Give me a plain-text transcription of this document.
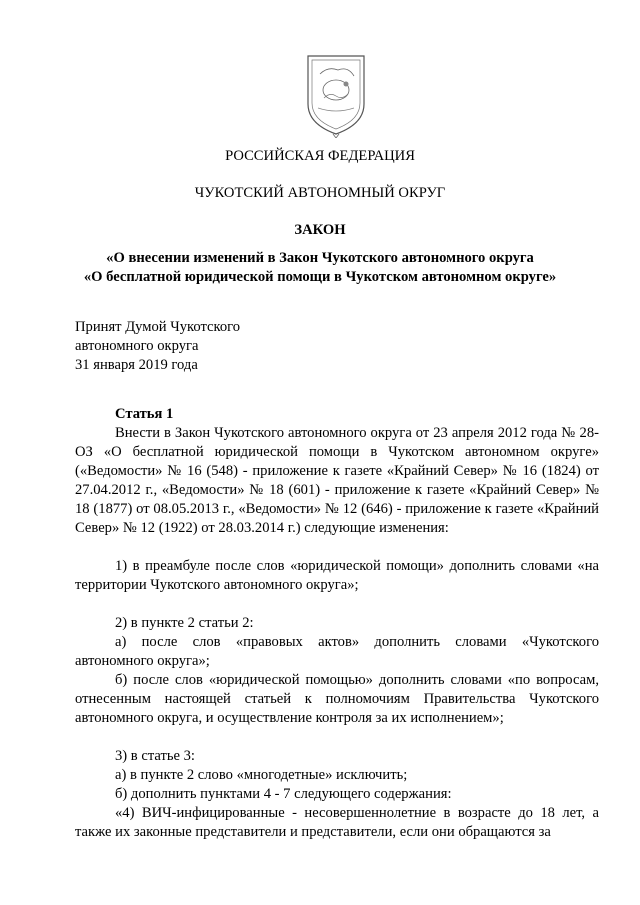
РОССИЙСКАЯ ФЕДЕРАЦИЯ
ЧУКОТСКИЙ АВТОНОМНЫЙ ОКРУГ
ЗАКОН
«О внесении изменений в Закон Чукотского автономного округа
«О бесплатной юридической помощи в Чукотском автономном округе»
Принят Думой Чукотского
автономного округа
31 января 2019 года

Статья 1

Внести в Закон Чукотского автономного округа от 23 апреля 2012 года № 28-ОЗ «О бесплатной юридической помощи в Чукотском автономном округе» («Ведомости» № 16 (548) - приложение к газете «Крайний Север» № 16 (1824) от 27.04.2012 г., «Ведомости» № 18 (601) - приложение к газете «Крайний Север» № 18 (1877) от 08.05.2013 г., «Ведомости» № 12 (646) - приложение к газете «Крайний Север» № 12 (1922) от 28.03.2014 г.) следующие изменения:

1) в преамбуле после слов «юридической помощи» дополнить словами «на территории Чукотского автономного округа»;

2) в пункте 2 статьи 2:

а) после слов «правовых актов» дополнить словами «Чукотского автономного округа»;

б) после слов «юридической помощью» дополнить словами «по вопросам, отнесенным настоящей статьей к полномочиям Правительства Чукотского автономного округа, и осуществление контроля за их исполнением»;

3) в статье 3:

а) в пункте 2 слово «многодетные» исключить;

б) дополнить пунктами 4 - 7 следующего содержания:

«4) ВИЧ-инфицированные - несовершеннолетние в возрасте до 18 лет, а также их законные представители и представители, если они обращаются за
